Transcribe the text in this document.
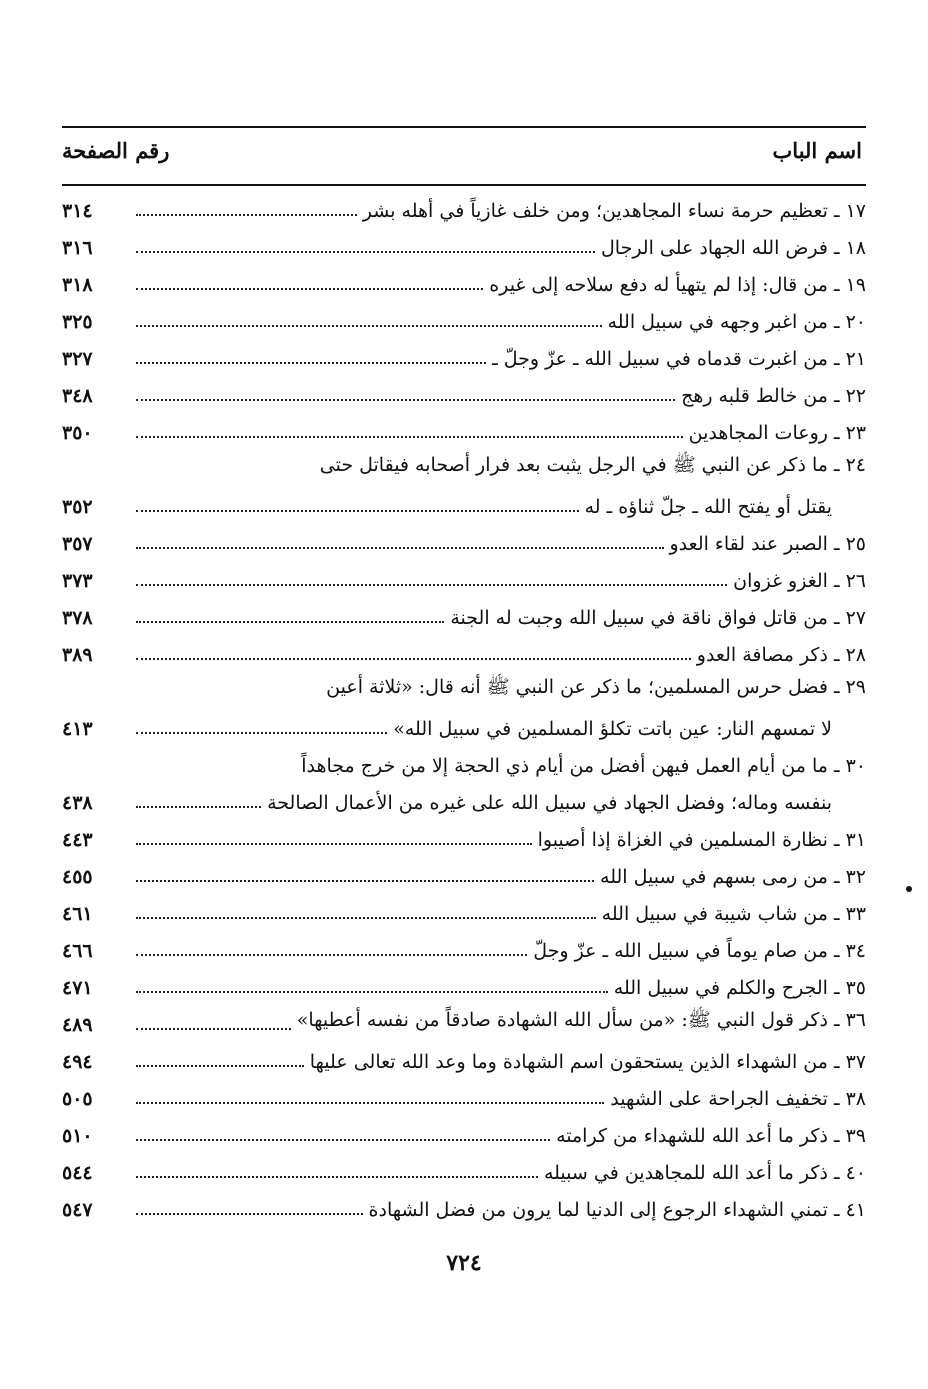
اسم الباب
رقم الصفحة
١٧ ـ تعظيم حرمة نساء المجاهدين؛ ومن خلف غازياً في أهله بشر
٣١٤
١٨ ـ فرض الله الجهاد على الرجال
٣١٦
١٩ ـ من قال: إذا لم يتهيأ له دفع سلاحه إلى غيره
٣١٨
٢٠ ـ من اغبر وجهه في سبيل الله
٣٢٥
٢١ ـ من اغبرت قدماه في سبيل الله ـ عزّ وجلّ ـ
٣٢٧
٢٢ ـ من خالط قلبه رهج
٣٤٨
٢٣ ـ روعات المجاهدين
٣٥٠
٢٤ ـ ما ذكر عن النبي ﷺ في الرجل يثبت بعد فرار أصحابه فيقاتل حتى
يقتل أو يفتح الله ـ جلّ ثناؤه ـ له
٣٥٢
٢٥ ـ الصبر عند لقاء العدو
٣٥٧
٢٦ ـ الغزو غزوان
٣٧٣
٢٧ ـ من قاتل فواق ناقة في سبيل الله وجبت له الجنة
٣٧٨
٢٨ ـ ذكر مصافة العدو
٣٨٩
٢٩ ـ فضل حرس المسلمين؛ ما ذكر عن النبي ﷺ أنه قال: «ثلاثة أعين
لا تمسهم النار: عين باتت تكلؤ المسلمين في سبيل الله»
٤١٣
٣٠ ـ ما من أيام العمل فيهن أفضل من أيام ذي الحجة إلا من خرج مجاهداً
بنفسه وماله؛ وفضل الجهاد في سبيل الله على غيره من الأعمال الصالحة
٤٣٨
٣١ ـ نظارة المسلمين في الغزاة إذا أصيبوا
٤٤٣
٣٢ ـ من رمى بسهم في سبيل الله
٤٥٥
٣٣ ـ من شاب شيبة في سبيل الله
٤٦١
٣٤ ـ من صام يوماً في سبيل الله ـ عزّ وجلّ
٤٦٦
٣٥ ـ الجرح والكلم في سبيل الله
٤٧١
٣٦ ـ ذكر قول النبي ﷺ: «من سأل الله الشهادة صادقاً من نفسه أعطيها»
٤٨٩
٣٧ ـ من الشهداء الذين يستحقون اسم الشهادة وما وعد الله تعالى عليها
٤٩٤
٣٨ ـ تخفيف الجراحة على الشهيد
٥٠٥
٣٩ ـ ذكر ما أعد الله للشهداء من كرامته
٥١٠
٤٠ ـ ذكر ما أعد الله للمجاهدين في سبيله
٥٤٤
٤١ ـ تمني الشهداء الرجوع إلى الدنيا لما يرون من فضل الشهادة
٥٤٧
٧٢٤
